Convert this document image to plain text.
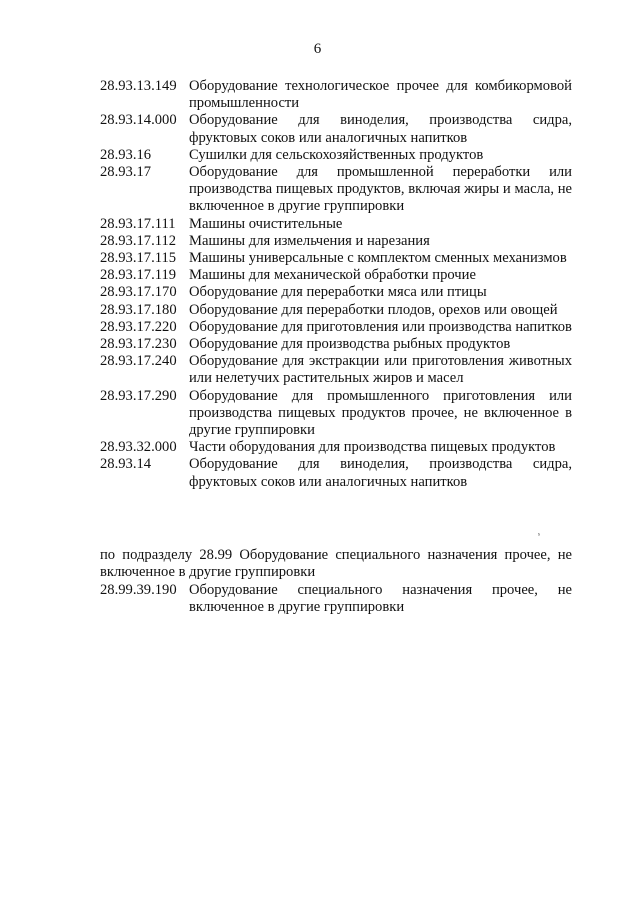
6
28.93.13.149 Оборудование технологическое прочее для комбикормовой промышленности
28.93.14.000 Оборудование для виноделия, производства сидра, фруктовых соков или аналогичных напитков
28.93.16	Сушилки для сельскохозяйственных продуктов
28.93.17	Оборудование для промышленной переработки или производства пищевых продуктов, включая жиры и масла, не включенное в другие группировки
28.93.17.111 Машины очистительные
28.93.17.112 Машины для измельчения и нарезания
28.93.17.115 Машины универсальные с комплектом сменных механизмов
28.93.17.119 Машины для механической обработки прочие
28.93.17.170 Оборудование для переработки мяса или птицы
28.93.17.180 Оборудование для переработки плодов, орехов или овощей
28.93.17.220 Оборудование для приготовления или производства напитков
28.93.17.230 Оборудование для производства рыбных продуктов
28.93.17.240 Оборудование для экстракции или приготовления животных или нелетучих растительных жиров и масел
28.93.17.290 Оборудование для промышленного приготовления или производства пищевых продуктов прочее, не включенное в другие группировки
28.93.32.000 Части оборудования для производства пищевых продуктов
28.93.14	Оборудование для виноделия, производства сидра, фруктовых соков или аналогичных напитков
ˢ
по подразделу 28.99 Оборудование специального назначения прочее, не включенное в другие группировки
28.99.39.190 Оборудование специального назначения прочее, не включенное в другие группировки
